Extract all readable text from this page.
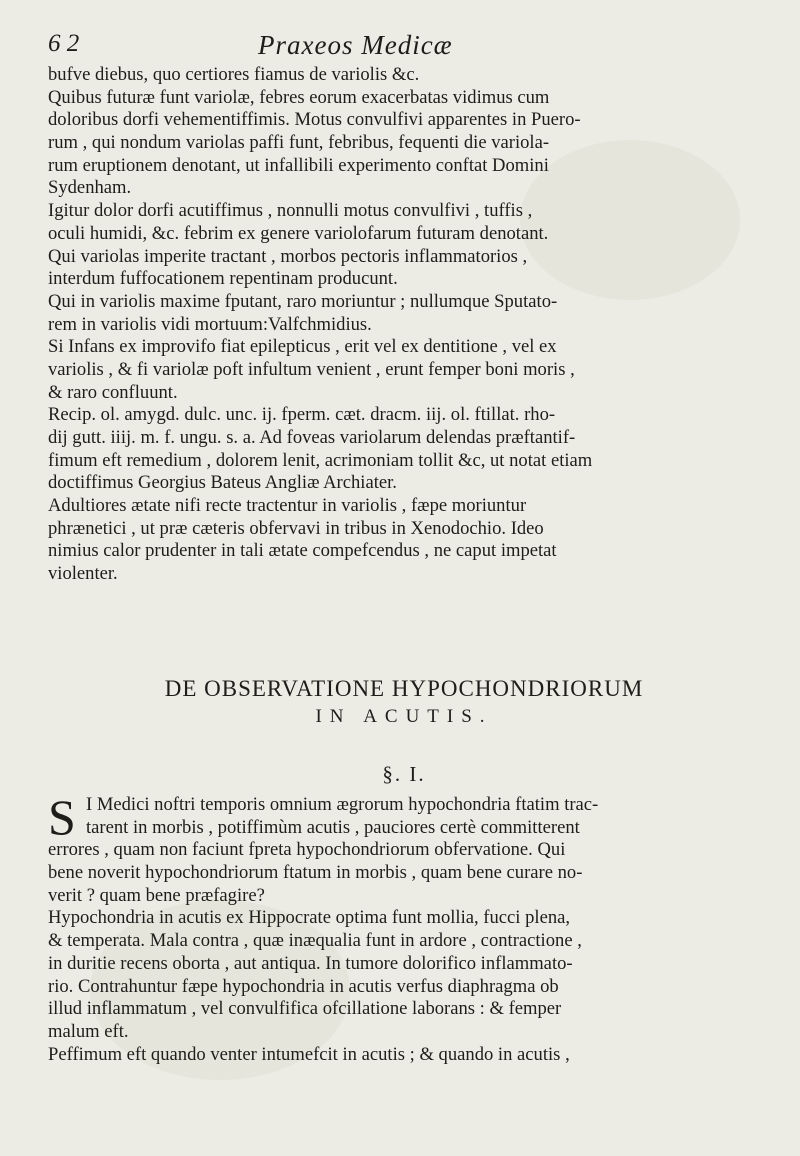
6 2	Praxeos Medicæ
bufve diebus, quo certiores fiamus de variolis &c.
Quibus futuræ funt variolæ, febres eorum exacerbatas vidimus cum
doloribus dorfi vehementiffimis. Motus convulfivi apparentes in Puero-
rum , qui nondum variolas paffi funt, febribus, fequenti die variola-
rum eruptionem denotant, ut infallibili experimento conftat Domini
Sydenham.
Igitur dolor dorfi acutiffimus , nonnulli motus convulfivi , tuffis ,
oculi humidi, &c. febrim ex genere variolofarum futuram denotant.
Qui variolas imperite tractant , morbos pectoris inflammatorios ,
interdum fuffocationem repentinam producunt.
Qui in variolis maxime fputant, raro moriuntur ; nullumque Sputato-
rem in variolis vidi mortuum:Valfchmidius.
Si Infans ex improvifo fiat epilepticus , erit vel ex dentitione , vel ex
variolis , & fi variolæ poft infultum venient , erunt femper boni moris ,
& raro confluunt.
Recip. ol. amygd. dulc. unc. ij. fperm. cæt. dracm. iij. ol. ftillat. rho-
dij gutt. iiij. m. f. ungu. s. a. Ad foveas variolarum delendas præftantif-
fimum eft remedium , dolorem lenit, acrimoniam tollit &c, ut notat etiam
doctiffimus Georgius Bateus Angliæ Archiater.
Adultiores ætate nifi recte tractentur in variolis , fæpe moriuntur
phrænetici , ut præ cæteris obfervavi in tribus in Xenodochio. Ideo
nimius calor prudenter in tali ætate compefcendus , ne caput impetat
violenter.
DE OBSERVATIONE HYPOCHONDRIORUM
IN ACUTIS.
§. I.
S I Medici noftri temporis omnium ægrorum hypochondria ftatim trac-
tarent in morbis , potiffimùm acutis , pauciores certè committerent
errores , quam non faciunt fpreta hypochondriorum obfervatione. Qui
bene noverit hypochondriorum ftatum in morbis , quam bene curare no-
verit ? quam bene præfagire?
Hypochondria in acutis ex Hippocrate optima funt mollia, fucci plena,
& temperata. Mala contra , quæ inæqualia funt in ardore , contractione ,
in duritie recens oborta , aut antiqua. In tumore dolorifico inflammato-
rio. Contrahuntur fæpe hypochondria in acutis verfus diaphragma ob
illud inflammatum , vel convulfifica ofcillatione laborans : & femper
malum eft.
Peffimum eft quando venter intumefcit in acutis ; & quando in acutis ,
